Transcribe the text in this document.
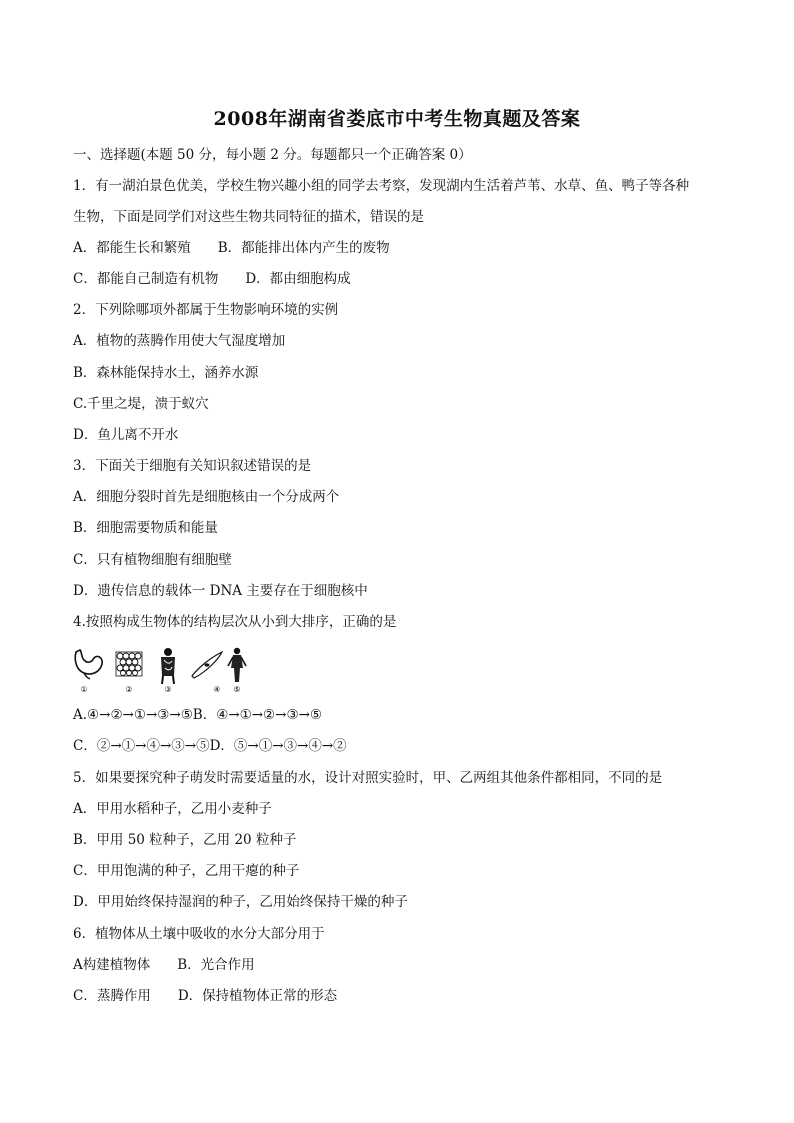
2008年湖南省娄底市中考生物真题及答案
一、选择题(本题 50 分，每小题 2 分。每题都只一个正确答案 0）
1．有一湖泊景色优美，学校生物兴趣小组的同学去考察，发现湖内生活着芦苇、水草、鱼、鸭子等各种
生物，下面是同学们对这些生物共同特征的描术，错误的是
A．都能生长和繁殖　　B．都能排出体内产生的废物
C．都能自己制造有机物　　D．都由细胞构成
2．下列除哪项外都属于生物影响环境的实例
A．植物的蒸腾作用使大气湿度增加
B．森林能保持水土，涵养水源
C.千里之堤，溃于蚁穴
D．鱼儿离不开水
3．下面关于细胞有关知识叙述错误的是
A．细胞分裂时首先是细胞核由一个分成两个
B．细胞需要物质和能量
C．只有植物细胞有细胞壁
D．遗传信息的载体一 DNA 主要存在于细胞核中
4.按照构成生物体的结构层次从小到大排序，正确的是
①	②	③	④ ⑤
A.④→②→①→③→⑤B．④→①→②→③→⑤
C．②→①→④→③→⑤D．⑤→①→③→④→②
5．如果要探究种子萌发时需要适量的水，设计对照实验时，甲、乙两组其他条件都相同，不同的是
A．甲用水稻种子，乙用小麦种子
B．甲用 50 粒种子，乙用 20 粒种子
C．甲用饱满的种子，乙用干瘪的种子
D．甲用始终保持湿润的种子，乙用始终保持干燥的种子
6．植物体从土壤中吸收的水分大部分用于
A构建植物体　　B．光合作用
C．蒸腾作用　　D．保持植物体正常的形态
